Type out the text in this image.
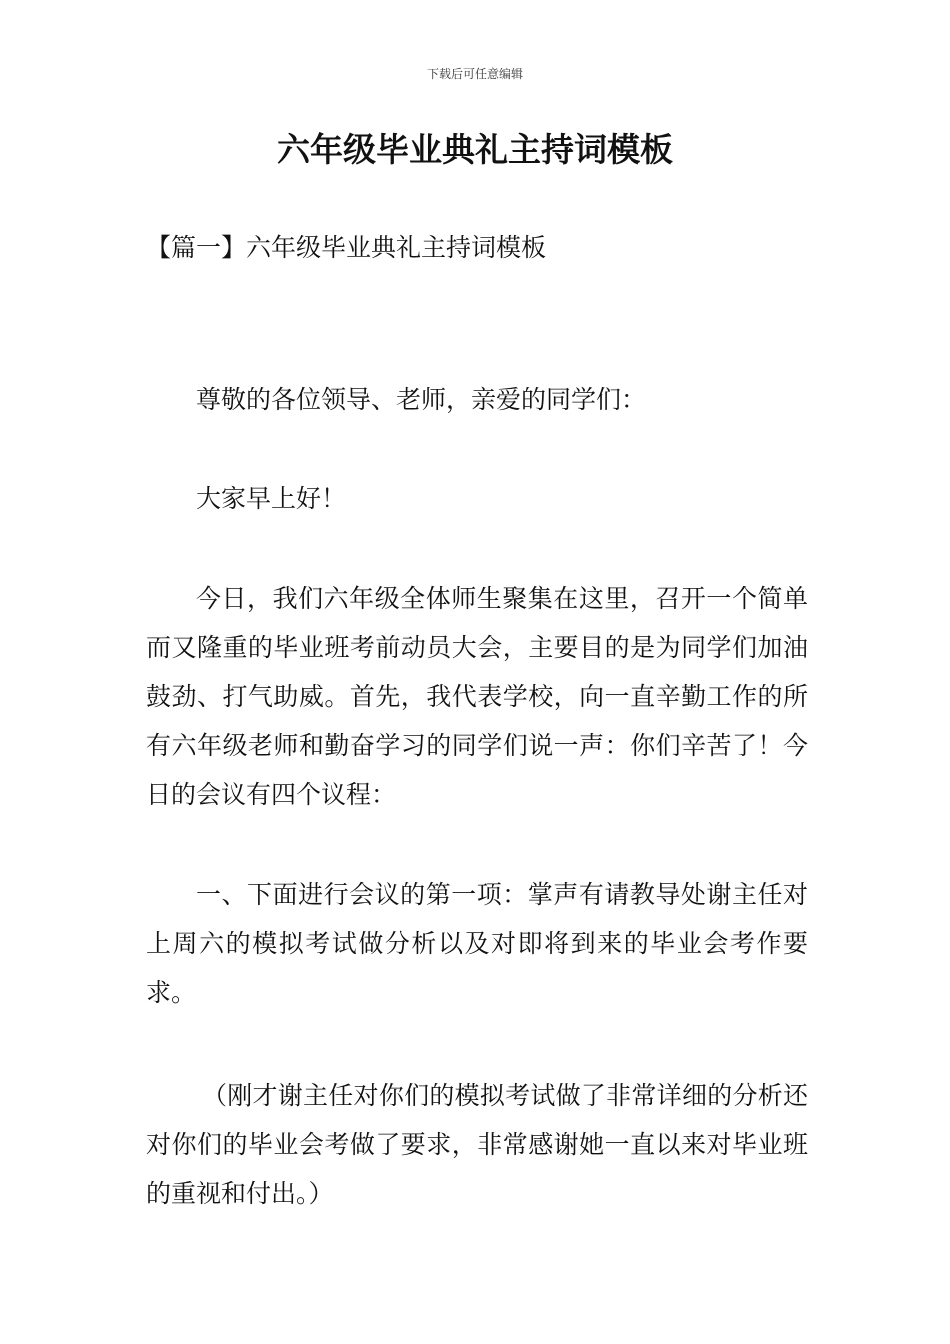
下载后可任意编辑
六年级毕业典礼主持词模板
【篇一】六年级毕业典礼主持词模板

尊敬的各位领导、老师，亲爱的同学们：

大家早上好！

今日，我们六年级全体师生聚集在这里，召开一个简单而又隆重的毕业班考前动员大会，主要目的是为同学们加油鼓劲、打气助威。首先，我代表学校，向一直辛勤工作的所有六年级老师和勤奋学习的同学们说一声：你们辛苦了！今日的会议有四个议程：

一、下面进行会议的第一项：掌声有请教导处谢主任对上周六的模拟考试做分析以及对即将到来的毕业会考作要求。

（刚才谢主任对你们的模拟考试做了非常详细的分析还对你们的毕业会考做了要求，非常感谢她一直以来对毕业班的重视和付出。）
